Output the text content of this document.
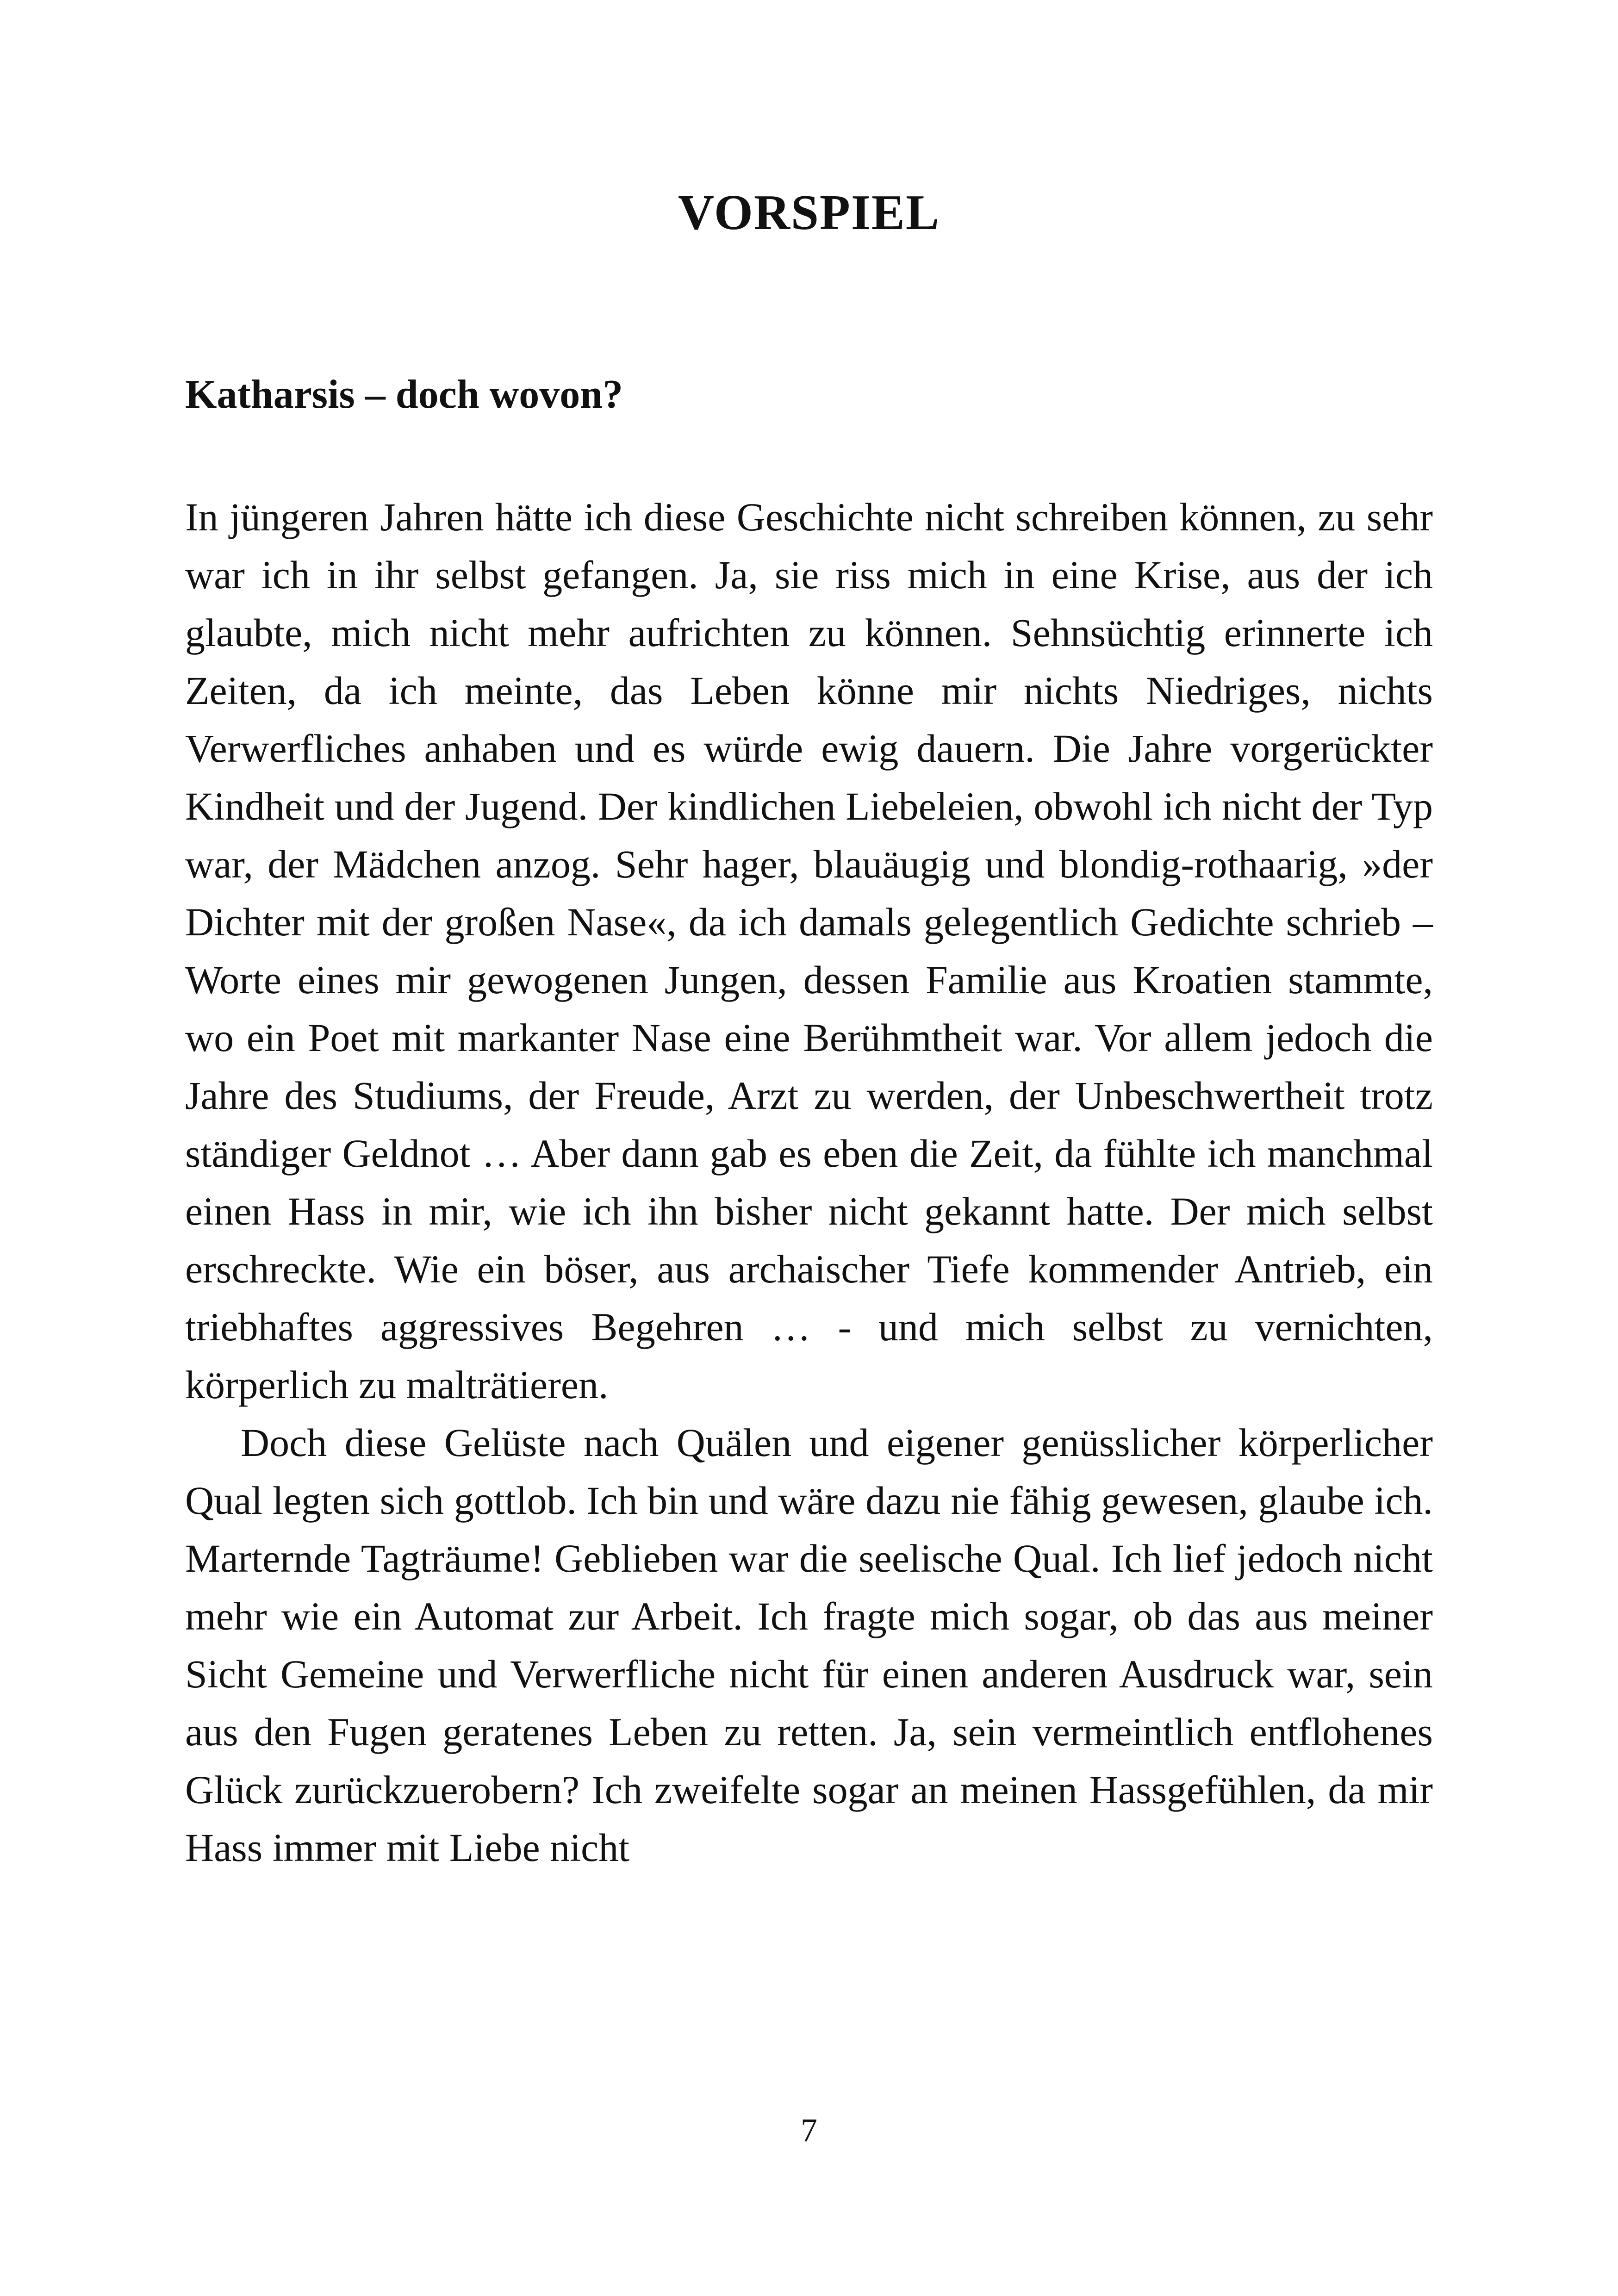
VORSPIEL
Katharsis – doch wovon?

In jüngeren Jahren hätte ich diese Geschichte nicht schreiben können, zu sehr war ich in ihr selbst gefangen. Ja, sie riss mich in eine Krise, aus der ich glaubte, mich nicht mehr aufrichten zu können. Sehnsüchtig erinnerte ich Zeiten, da ich meinte, das Leben könne mir nichts Niedriges, nichts Verwerfliches anhaben und es würde ewig dauern. Die Jahre vorgerückter Kindheit und der Jugend. Der kindlichen Liebeleien, obwohl ich nicht der Typ war, der Mädchen anzog. Sehr hager, blauäugig und blondig-rothaarig, »der Dichter mit der großen Nase«, da ich damals gelegentlich Gedichte schrieb – Worte eines mir gewogenen Jungen, dessen Familie aus Kroatien stammte, wo ein Poet mit markanter Nase eine Berühmtheit war. Vor allem jedoch die Jahre des Studiums, der Freude, Arzt zu werden, der Unbeschwertheit trotz ständiger Geldnot … Aber dann gab es eben die Zeit, da fühlte ich manchmal einen Hass in mir, wie ich ihn bisher nicht gekannt hatte. Der mich selbst erschreckte. Wie ein böser, aus archaischer Tiefe kommender Antrieb, ein triebhaftes aggressives Begehren … - und mich selbst zu vernichten, körperlich zu malträtieren.

Doch diese Gelüste nach Quälen und eigener genüsslicher körperlicher Qual legten sich gottlob. Ich bin und wäre dazu nie fähig gewesen, glaube ich. Marternde Tagträume! Geblieben war die seelische Qual. Ich lief jedoch nicht mehr wie ein Automat zur Arbeit. Ich fragte mich sogar, ob das aus meiner Sicht Gemeine und Verwerfliche nicht für einen anderen Ausdruck war, sein aus den Fugen geratenes Leben zu retten. Ja, sein vermeintlich entflohenes Glück zurückzuerobern? Ich zweifelte sogar an meinen Hassgefühlen, da mir Hass immer mit Liebe nicht

7
